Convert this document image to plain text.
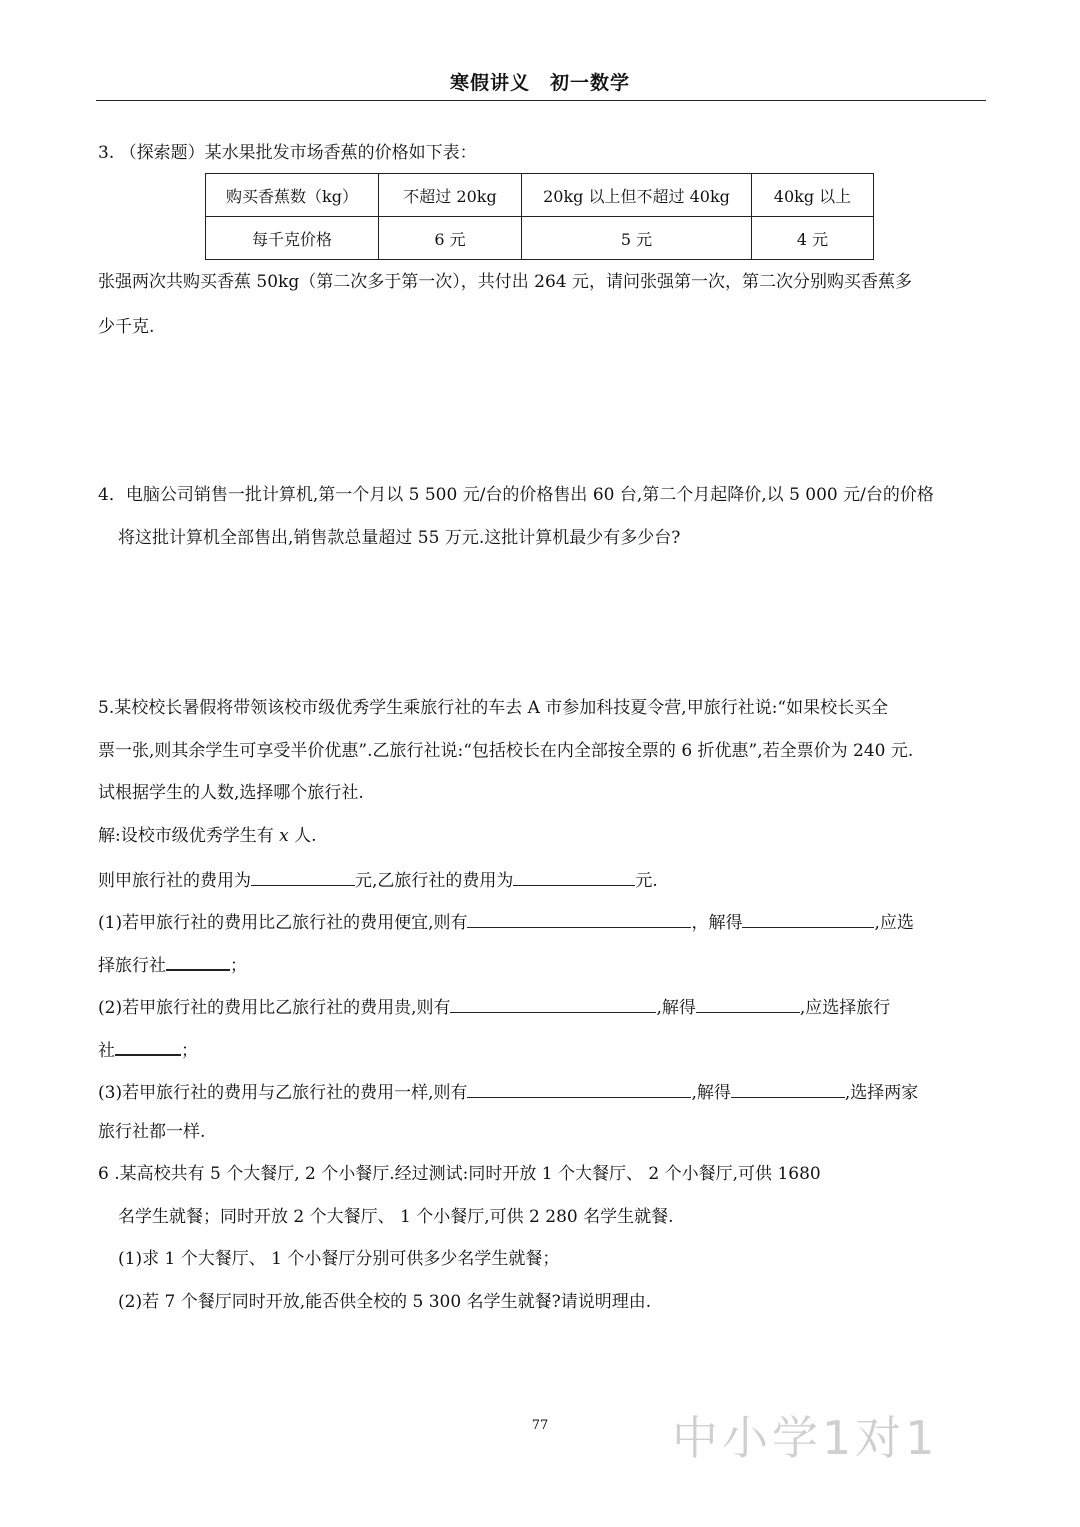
寒假讲义　初一数学
3. （探索题）某水果批发市场香蕉的价格如下表：
购买香蕉数（kg）	不超过 20kg	20kg 以上但不超过 40kg	40kg 以上
每千克价格	6 元	5 元	4 元
张强两次共购买香蕉 50kg（第二次多于第一次），共付出 264 元，请问张强第一次，第二次分别购买香蕉多
少千克.
4．电脑公司销售一批计算机,第一个月以 5 500 元/台的价格售出 60 台,第二个月起降价,以 5 000 元/台的价格
将这批计算机全部售出,销售款总量超过 55 万元.这批计算机最少有多少台?
5.某校校长暑假将带领该校市级优秀学生乘旅行社的车去 A 市参加科技夏令营,甲旅行社说:“如果校长买全
票一张,则其余学生可享受半价优惠”.乙旅行社说:“包括校长在内全部按全票的 6 折优惠”,若全票价为 240 元.
试根据学生的人数,选择哪个旅行社.
解:设校市级优秀学生有 x 人.
则甲旅行社的费用为	元,乙旅行社的费用为	元.
(1)若甲旅行社的费用比乙旅行社的费用便宜,则有	，解得	,应选
择旅行社	；
(2)若甲旅行社的费用比乙旅行社的费用贵,则有	,解得	,应选择旅行
社	；
(3)若甲旅行社的费用与乙旅行社的费用一样,则有	,解得	,选择两家
旅行社都一样.
6 .某高校共有 5 个大餐厅, 2 个小餐厅.经过测试:同时开放 1 个大餐厅、 2 个小餐厅,可供 1680
名学生就餐；同时开放 2 个大餐厅、 1 个小餐厅,可供 2 280 名学生就餐.
(1)求 1 个大餐厅、 1 个小餐厅分别可供多少名学生就餐；
(2)若 7 个餐厅同时开放,能否供全校的 5 300 名学生就餐?请说明理由.
77	中小学1对1
